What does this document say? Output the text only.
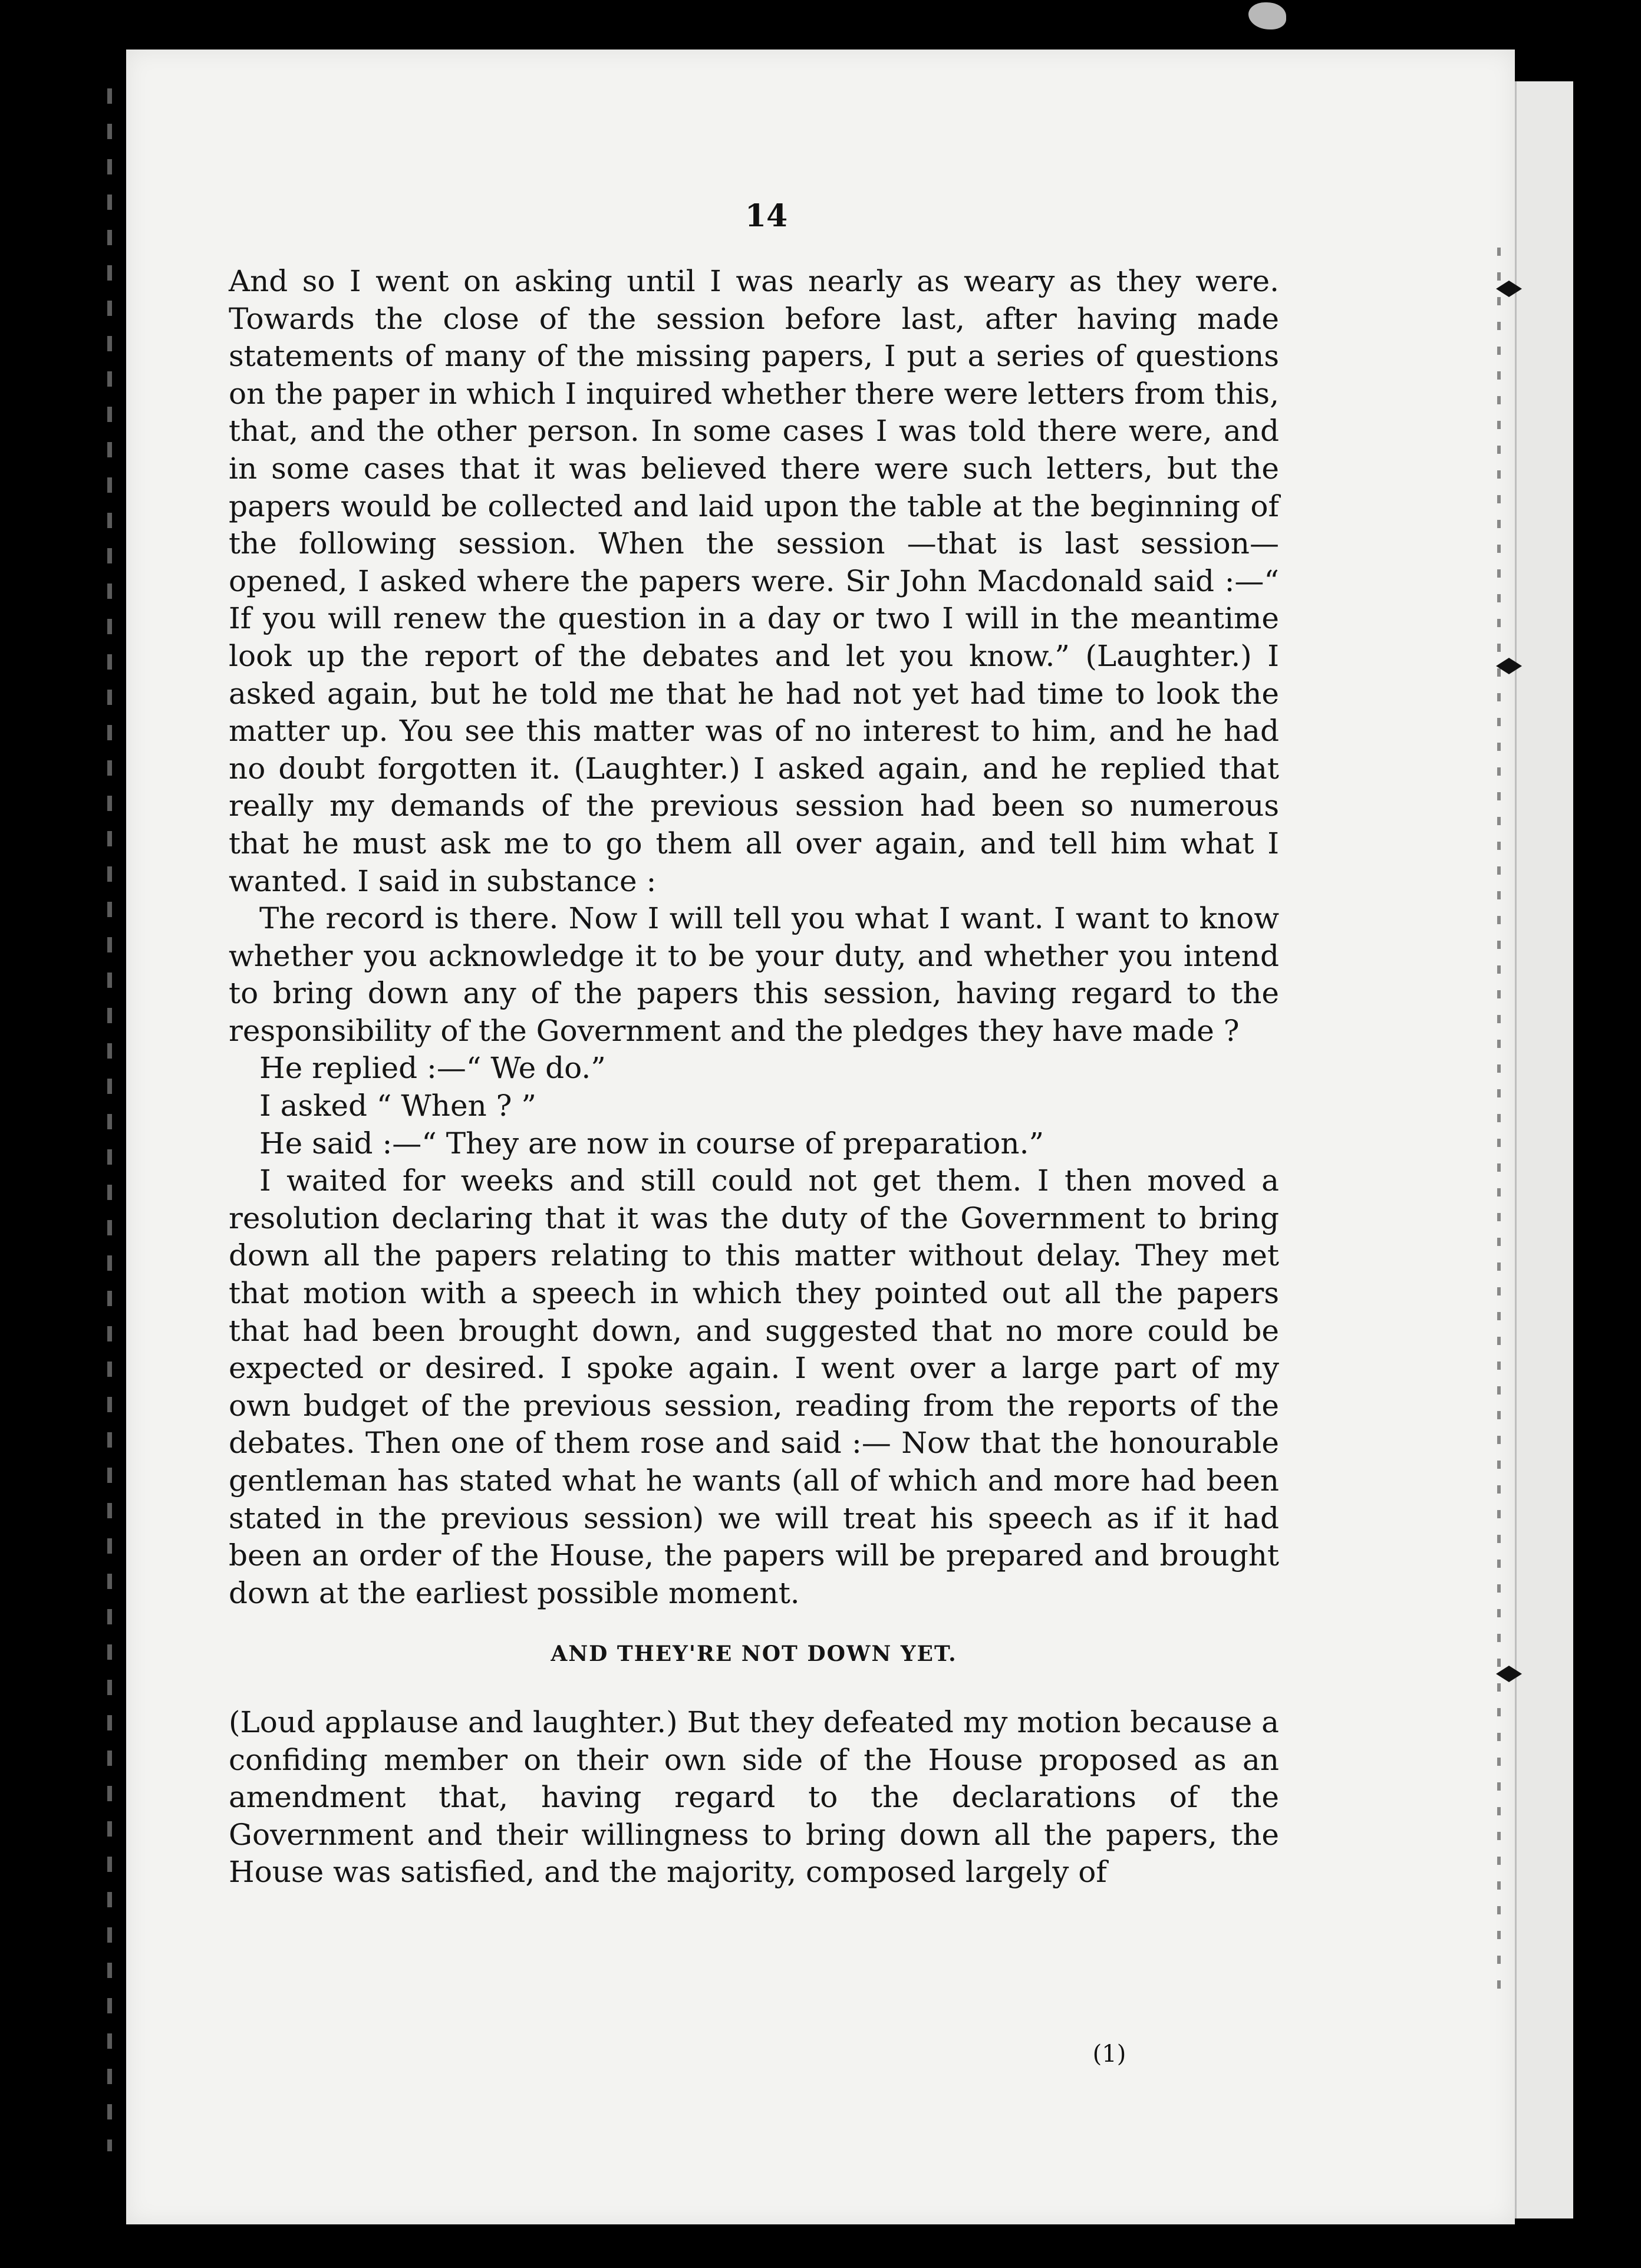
14

And so I went on asking until I was nearly as weary as they were. Towards the close of the session before last, after having made statements of many of the missing papers, I put a series of questions on the paper in which I inquired whether there were letters from this, that, and the other person. In some cases I was told there were, and in some cases that it was believed there were such letters, but the papers would be collected and laid upon the table at the beginning of the following session. When the session —that is last session—opened, I asked where the papers were. Sir John Macdonald said :—“ If you will renew the question in a day or two I will in the meantime look up the report of the debates and let you know.” (Laughter.) I asked again, but he told me that he had not yet had time to look the matter up. You see this matter was of no interest to him, and he had no doubt forgotten it. (Laughter.) I asked again, and he replied that really my demands of the previous session had been so numerous that he must ask me to go them all over again, and tell him what I wanted. I said in substance :

The record is there. Now I will tell you what I want. I want to know whether you acknowledge it to be your duty, and whether you intend to bring down any of the papers this session, having regard to the responsibility of the Government and the pledges they have made ?

He replied :—“ We do.”

I asked “ When ? ”

He said :—“ They are now in course of preparation.”

I waited for weeks and still could not get them. I then moved a resolution declaring that it was the duty of the Government to bring down all the papers relating to this matter without delay. They met that motion with a speech in which they pointed out all the papers that had been brought down, and suggested that no more could be expected or desired. I spoke again. I went over a large part of my own budget of the previous session, reading from the reports of the debates. Then one of them rose and said :— Now that the honourable gentleman has stated what he wants (all of which and more had been stated in the previous session) we will treat his speech as if it had been an order of the House, the papers will be prepared and brought down at the earliest possible moment.

AND THEY'RE NOT DOWN YET.

(Loud applause and laughter.) But they defeated my motion because a confiding member on their own side of the House proposed as an amendment that, having regard to the declarations of the Government and their willingness to bring down all the papers, the House was satisfied, and the majority, composed largely of

(1)
